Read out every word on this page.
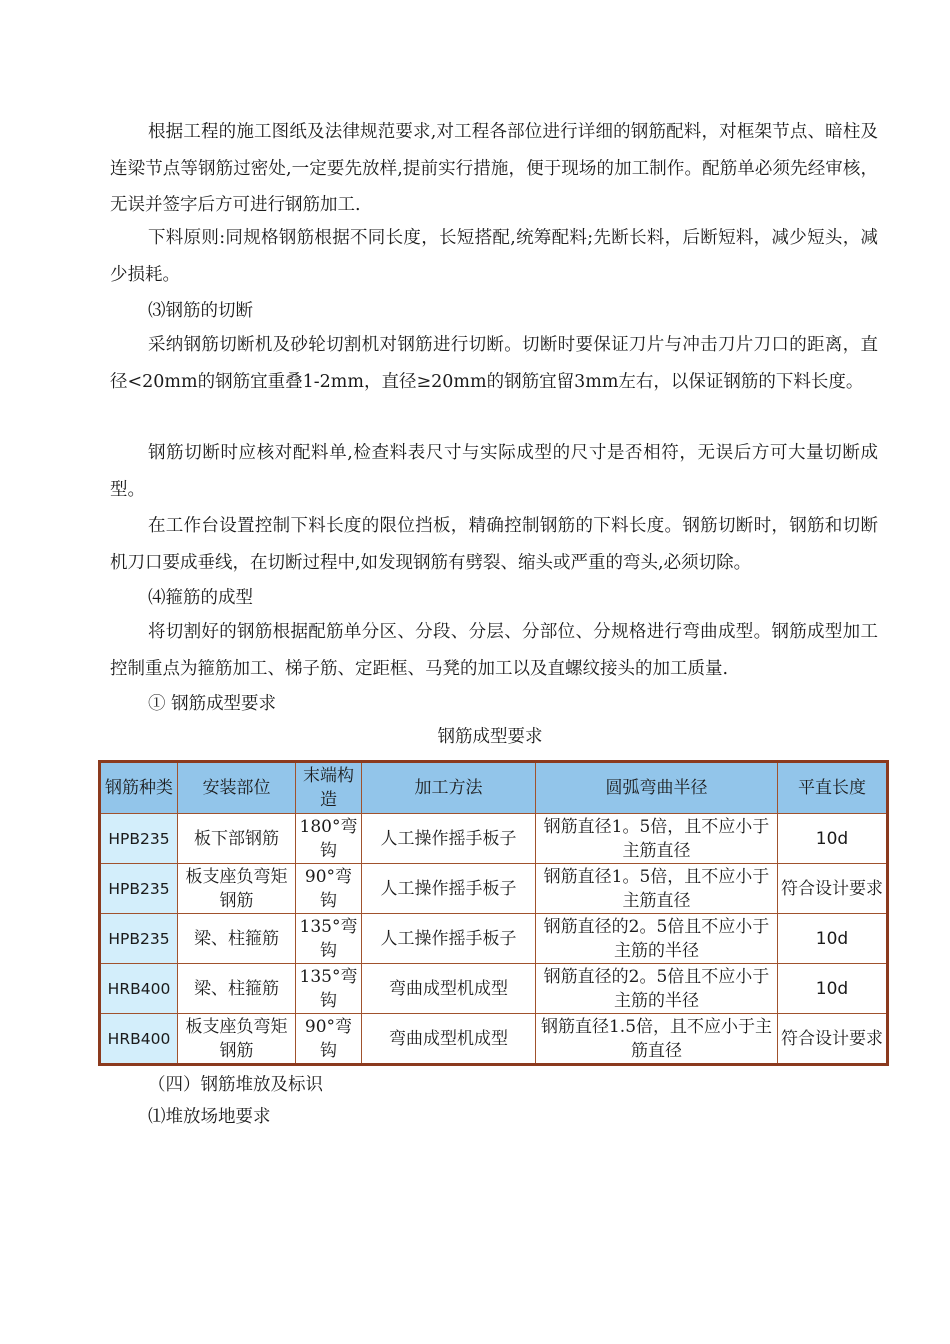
根据工程的施工图纸及法律规范要求,对工程各部位进行详细的钢筋配料，对框架节点、暗柱及连梁节点等钢筋过密处,一定要先放样,提前实行措施，便于现场的加工制作。配筋单必须先经审核，无误并签字后方可进行钢筋加工.

下料原则:同规格钢筋根据不同长度，长短搭配,统筹配料;先断长料，后断短料，减少短头，减少损耗。

⑶钢筋的切断

采纳钢筋切断机及砂轮切割机对钢筋进行切断。切断时要保证刀片与冲击刀片刀口的距离，直径<20mm的钢筋宜重叠1-2mm，直径≥20mm的钢筋宜留3mm左右，以保证钢筋的下料长度。

钢筋切断时应核对配料单,检查料表尺寸与实际成型的尺寸是否相符，无误后方可大量切断成型。

在工作台设置控制下料长度的限位挡板，精确控制钢筋的下料长度。钢筋切断时，钢筋和切断机刀口要成垂线，在切断过程中,如发现钢筋有劈裂、缩头或严重的弯头,必须切除。

⑷箍筋的成型

将切割好的钢筋根据配筋单分区、分段、分层、分部位、分规格进行弯曲成型。钢筋成型加工控制重点为箍筋加工、梯子筋、定距框、马凳的加工以及直螺纹接头的加工质量.

① 钢筋成型要求

钢筋成型要求

钢筋种类	安装部位	末端构造	加工方法	圆弧弯曲半径	平直长度
HPB235	板下部钢筋	180°弯钩	人工操作摇手板子	钢筋直径1。5倍，且不应小于主筋直径	10d
HPB235	板支座负弯矩钢筋	90°弯钩	人工操作摇手板子	钢筋直径1。5倍，且不应小于主筋直径	符合设计要求
HPB235	梁、柱箍筋	135°弯钩	人工操作摇手板子	钢筋直径的2。5倍且不应小于主筋的半径	10d
HRB400	梁、柱箍筋	135°弯钩	弯曲成型机成型	钢筋直径的2。5倍且不应小于主筋的半径	10d
HRB400	板支座负弯矩钢筋	90°弯钩	弯曲成型机成型	钢筋直径1.5倍，且不应小于主筋直径	符合设计要求

（四）钢筋堆放及标识

⑴堆放场地要求
